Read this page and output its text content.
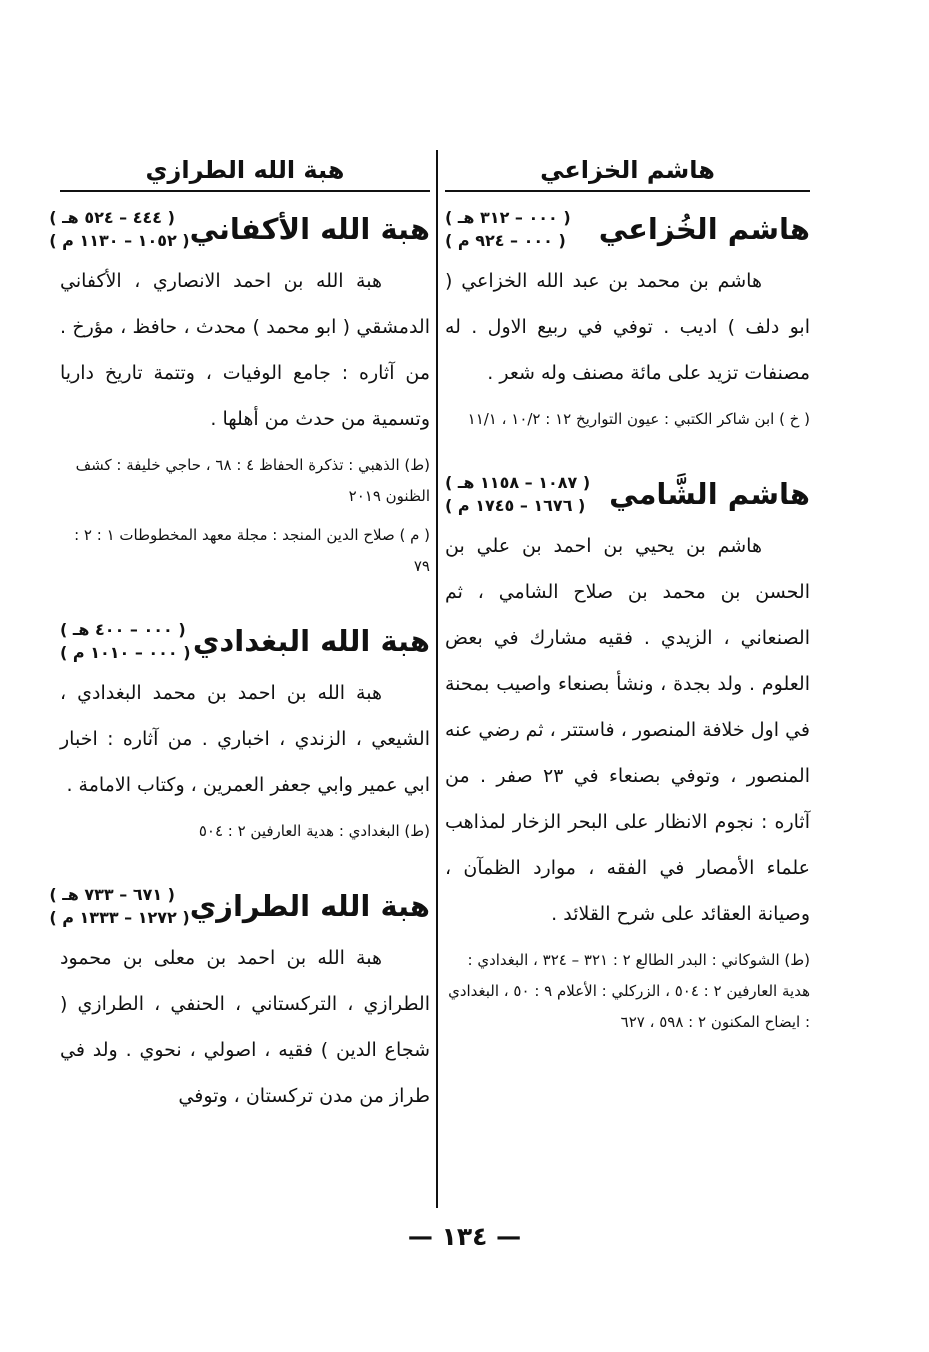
هاشم الخزاعي
هاشم الخُزاعي
( ٠٠٠ – ٣١٢ هـ )
( ٠٠٠ – ٩٢٤ م )
هاشم بن محمد بن عبد الله الخزاعي ( ابو دلف ) اديب . توفي في ربيع الاول . له مصنفات تزيد على مائة مصنف وله شعر .
( خ ) ابن شاكر الكتبي : عيون التواريخ ١٢ : ١٠/٢ ، ١١/١
هاشم الشَّامي
( ١٠٨٧ – ١١٥٨ هـ )
( ١٦٧٦ – ١٧٤٥ م )
هاشم بن يحيي بن احمد بن علي بن الحسن بن محمد بن صلاح الشامي ، ثم الصنعاني ، الزيدي . فقيه مشارك في بعض العلوم . ولد بجدة ، ونشأ بصنعاء واصيب بمحنة في اول خلافة المنصور ، فاستتر ، ثم رضي عنه المنصور ، وتوفي بصنعاء في ٢٣ صفر . من آثاره : نجوم الانظار على البحر الزخار لمذاهب علماء الأمصار في الفقه ، موارد الظمآن ، وصيانة العقائد على شرح القلائد .
(ط) الشوكاني : البدر الطالع ٢ : ٣٢١ – ٣٢٤ ، البغدادي : هدية العارفين ٢ : ٥٠٤ ، الزركلي : الأعلام ٩ : ٥٠ ، البغدادي : ايضاح المكنون ٢ : ٥٩٨ ، ٦٢٧
هبة الله الطرازي
هبة الله الأكفاني
( ٤٤٤ – ٥٢٤ هـ )
( ١٠٥٢ – ١١٣٠ م )
هبة الله بن احمد الانصاري ، الأكفاني الدمشقي ( ابو محمد ) محدث ، حافظ ، مؤرخ . من آثاره : جامع الوفيات ، وتتمة تاريخ داريا وتسمية من حدث من أهلها .
(ط) الذهبي : تذكرة الحفاظ ٤ : ٦٨ ، حاجي خليفة : كشف الظنون ٢٠١٩
( م ) صلاح الدين المنجد : مجلة معهد المخطوطات ١ : ٢ : ٧٩
هبة الله البغدادي
( ٠٠٠ – ٤٠٠ هـ )
( ٠٠٠ – ١٠١٠ م )
هبة الله بن احمد بن محمد البغدادي ، الشيعي ، الزندي ، اخباري . من آثاره : اخبار ابي عمير وابي جعفر العمرين ، وكتاب الامامة .
(ط) البغدادي : هدية العارفين ٢ : ٥٠٤
هبة الله الطرازي
( ٦٧١ – ٧٣٣ هـ )
( ١٢٧٢ – ١٣٣٣ م )
هبة الله بن احمد بن معلى بن محمود الطرازي ، التركستاني ، الحنفي ، الطرازي ( شجاع الدين ) فقيه ، اصولي ، نحوي . ولد في طراز من مدن تركستان ، وتوفي
— ١٣٤ —
